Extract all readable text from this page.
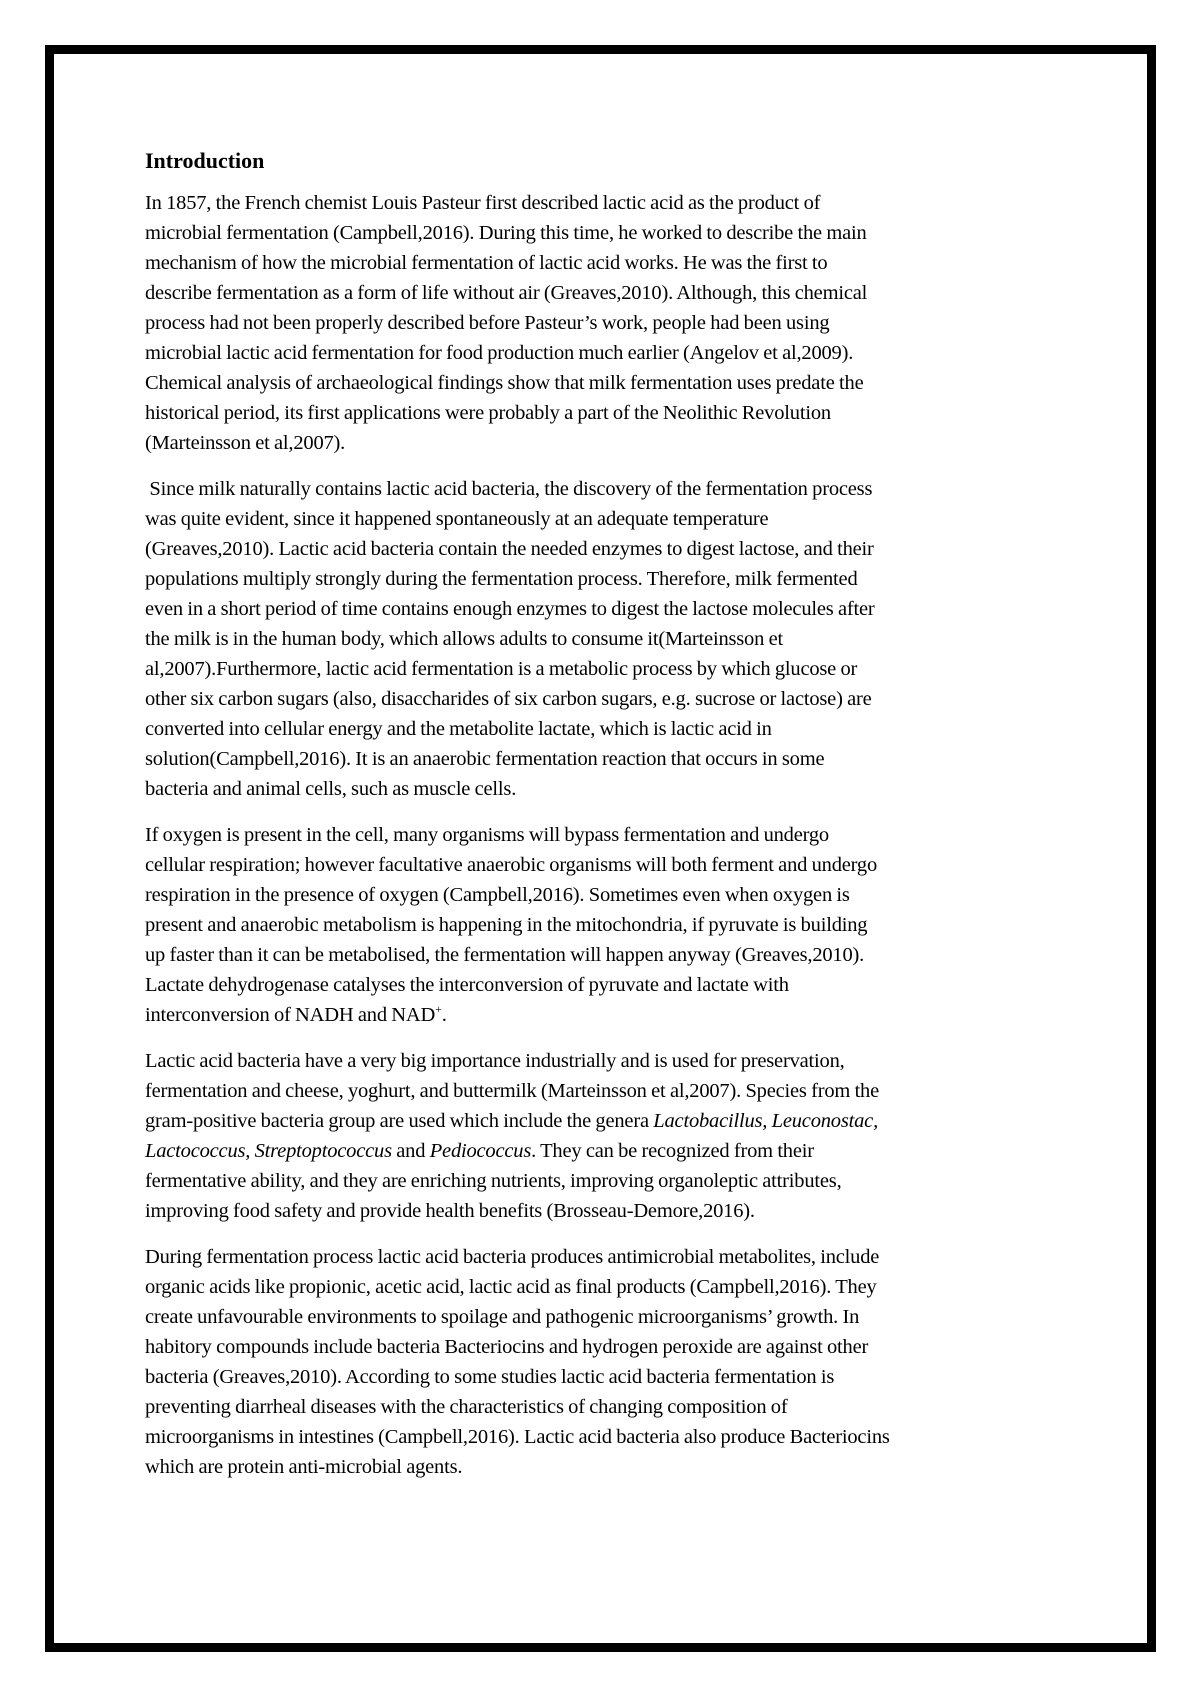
Introduction
In 1857, the French chemist Louis Pasteur first described lactic acid as the product of
microbial fermentation (Campbell,2016). During this time, he worked to describe the main
mechanism of how the microbial fermentation of lactic acid works. He was the first to
describe fermentation as a form of life without air (Greaves,2010). Although, this chemical
process had not been properly described before Pasteur’s work, people had been using
microbial lactic acid fermentation for food production much earlier (Angelov et al,2009).
Chemical analysis of archaeological findings show that milk fermentation uses predate the
historical period, its first applications were probably a part of the Neolithic Revolution
(Marteinsson et al,2007).
Since milk naturally contains lactic acid bacteria, the discovery of the fermentation process
was quite evident, since it happened spontaneously at an adequate temperature
(Greaves,2010). Lactic acid bacteria contain the needed enzymes to digest lactose, and their
populations multiply strongly during the fermentation process. Therefore, milk fermented
even in a short period of time contains enough enzymes to digest the lactose molecules after
the milk is in the human body, which allows adults to consume it(Marteinsson et
al,2007).Furthermore, lactic acid fermentation is a metabolic process by which glucose or
other six carbon sugars (also, disaccharides of six carbon sugars, e.g. sucrose or lactose) are
converted into cellular energy and the metabolite lactate, which is lactic acid in
solution(Campbell,2016). It is an anaerobic fermentation reaction that occurs in some
bacteria and animal cells, such as muscle cells.
If oxygen is present in the cell, many organisms will bypass fermentation and undergo
cellular respiration; however facultative anaerobic organisms will both ferment and undergo
respiration in the presence of oxygen (Campbell,2016). Sometimes even when oxygen is
present and anaerobic metabolism is happening in the mitochondria, if pyruvate is building
up faster than it can be metabolised, the fermentation will happen anyway (Greaves,2010).
Lactate dehydrogenase catalyses the interconversion of pyruvate and lactate with
interconversion of NADH and NAD+.
Lactic acid bacteria have a very big importance industrially and is used for preservation,
fermentation and cheese, yoghurt, and buttermilk (Marteinsson et al,2007). Species from the
gram-positive bacteria group are used which include the genera Lactobacillus, Leuconostac,
Lactococcus, Streptoptococcus and Pediococcus. They can be recognized from their
fermentative ability, and they are enriching nutrients, improving organoleptic attributes,
improving food safety and provide health benefits (Brosseau-Demore,2016).
During fermentation process lactic acid bacteria produces antimicrobial metabolites, include
organic acids like propionic, acetic acid, lactic acid as final products (Campbell,2016). They
create unfavourable environments to spoilage and pathogenic microorganisms’ growth. In
habitory compounds include bacteria Bacteriocins and hydrogen peroxide are against other
bacteria (Greaves,2010). According to some studies lactic acid bacteria fermentation is
preventing diarrheal diseases with the characteristics of changing composition of
microorganisms in intestines (Campbell,2016). Lactic acid bacteria also produce Bacteriocins
which are protein anti-microbial agents.
